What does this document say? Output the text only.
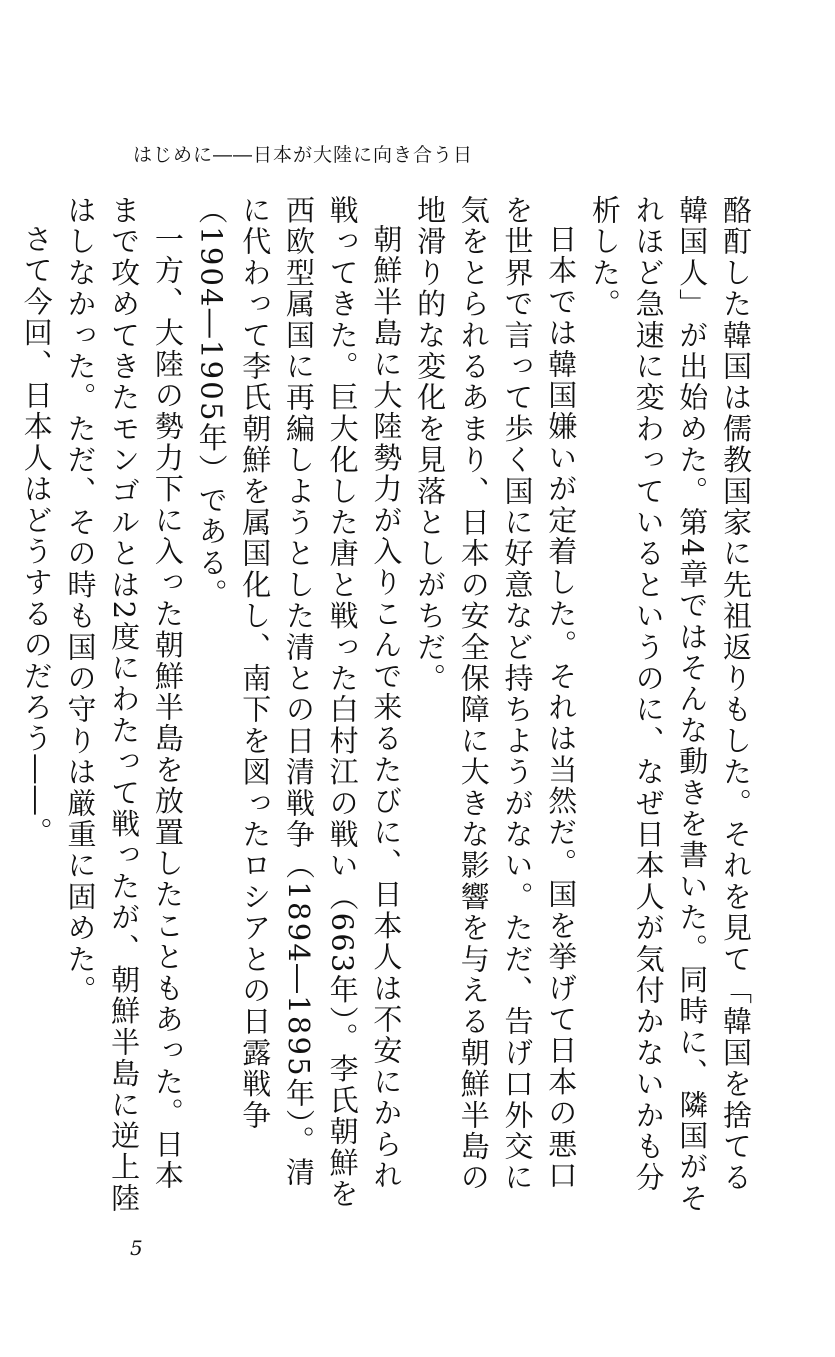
はじめに――日本が大陸に向き合う日

酪酊した韓国は儒教国家に先祖返りもした。それを見て「韓国を捨てる韓国人」が出始めた。第4章ではそんな動きを書いた。同時に、隣国がそれほど急速に変わっているというのに、なぜ日本人が気付かないかも分析した。

日本では韓国嫌いが定着した。それは当然だ。国を挙げて日本の悪口を世界で言って歩く国に好意など持ちようがない。ただ、告げ口外交に気をとられるあまり、日本の安全保障に大きな影響を与える朝鮮半島の地滑り的な変化を見落としがちだ。

朝鮮半島に大陸勢力が入りこんで来るたびに、日本人は不安にかられ戦ってきた。巨大化した唐と戦った白村江の戦い（663年）。李氏朝鮮を西欧型属国に再編しようとした清との日清戦争（1894―1895年）。清に代わって李氏朝鮮を属国化し、南下を図ったロシアとの日露戦争（1904―1905年）である。

一方、大陸の勢力下に入った朝鮮半島を放置したこともあった。日本まで攻めてきたモンゴルとは2度にわたって戦ったが、朝鮮半島に逆上陸はしなかった。ただ、その時も国の守りは厳重に固めた。

さて今回、日本人はどうするのだろう――。

5
